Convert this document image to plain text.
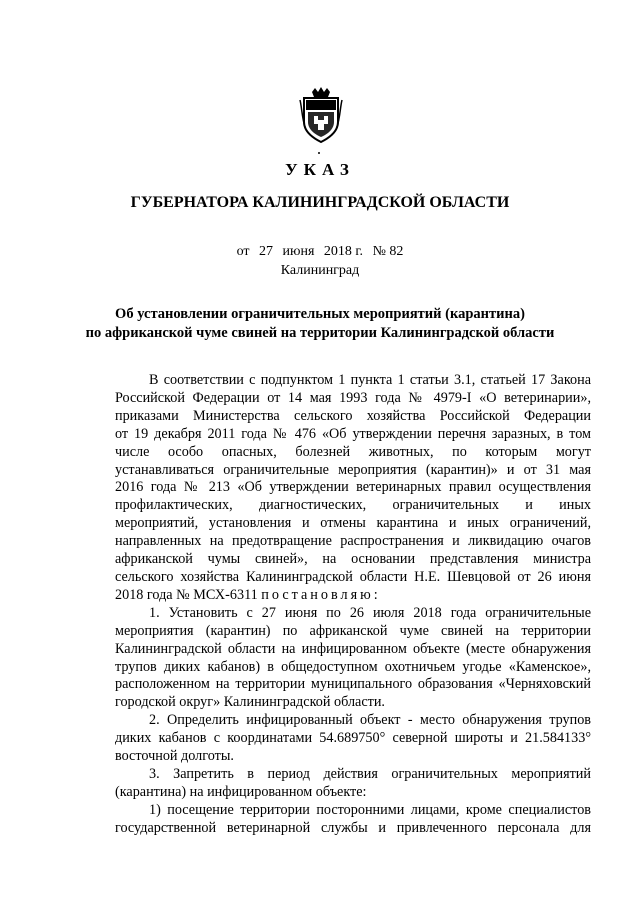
УКАЗ
ГУБЕРНАТОРА КАЛИНИНГРАДСКОЙ ОБЛАСТИ
от 27 июня 2018 г. № 82
Калининград
Об установлении ограничительных мероприятий (карантина)
по африканской чуме свиней на территории Калининградской области
В соответствии с подпунктом 1 пункта 1 статьи 3.1, статьей 17 Закона
Российской Федерации от 14 мая 1993 года № 4979-I «О ветеринарии»,
приказами Министерства сельского хозяйства Российской Федерации
от 19 декабря 2011 года № 476 «Об утверждении перечня заразных, в том
числе особо опасных, болезней животных, по которым могут
устанавливаться ограничительные мероприятия (карантин)» и от 31 мая
2016 года № 213 «Об утверждении ветеринарных правил осуществления
профилактических, диагностических, ограничительных и иных
мероприятий, установления и отмены карантина и иных ограничений,
направленных на предотвращение распространения и ликвидацию очагов
африканской чумы свиней», на основании представления министра
сельского хозяйства Калининградской области Н.Е. Шевцовой от 26 июня
2018 года № МСХ-6311 постановляю:
1. Установить с 27 июня по 26 июля 2018 года ограничительные
мероприятия (карантин) по африканской чуме свиней на территории
Калининградской области на инфицированном объекте (месте обнаружения
трупов диких кабанов) в общедоступном охотничьем угодье «Каменское»,
расположенном на территории муниципального образования «Черняховский
городской округ» Калининградской области.
2. Определить инфицированный объект - место обнаружения трупов
диких кабанов с координатами 54.689750° северной широты и 21.584133°
восточной долготы.
3. Запретить в период действия ограничительных мероприятий
(карантина) на инфицированном объекте:
1) посещение территории посторонними лицами, кроме специалистов
государственной ветеринарной службы и привлеченного персонала для
